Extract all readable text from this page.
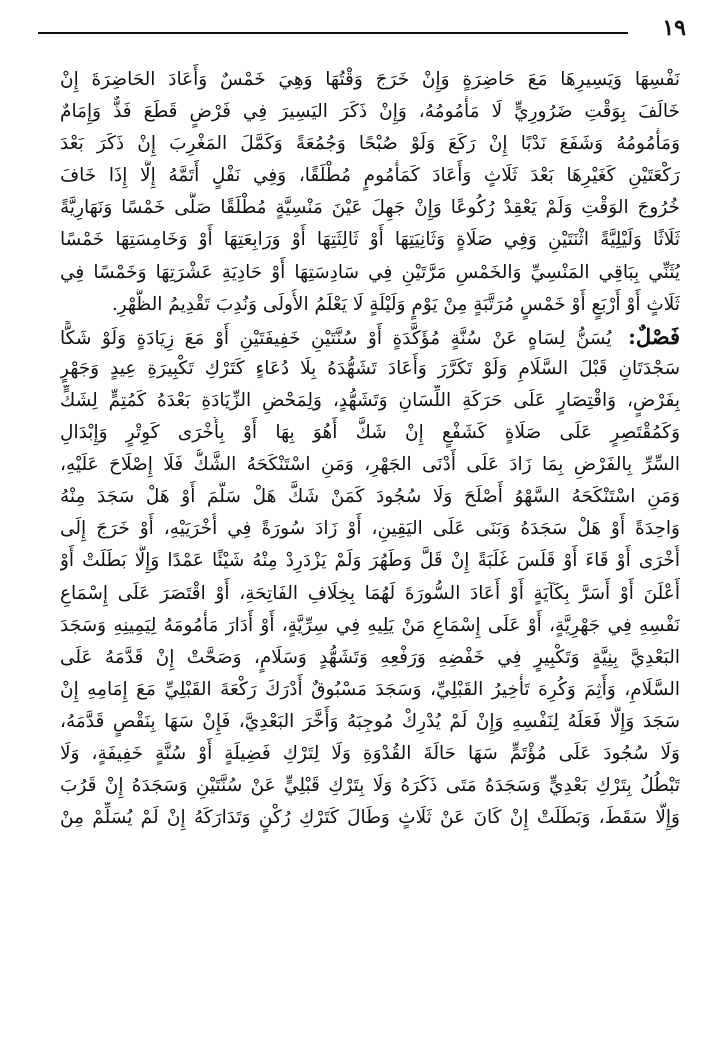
١٩
نَفْسِهَا وَيَسِيرِهَا مَعَ حَاضِرَةٍ وَإِنْ خَرَجَ وَقْتُهَا وَهِيَ خَمْسٌ وَأَعَادَ الحَاضِرَةَ إِنْ
خَالَفَ بِوَقْتِ ضَرُورِيٍّ لَا مَأْمُومُهُ، وَإِنْ ذَكَرَ اليَسِيرَ فِي فَرْضٍ قَطَعَ فَذٌّ وَإِمَامٌ
وَمَأْمُومُهُ وَشَفَعَ نَدْبًا إِنْ رَكَعَ وَلَوْ صُبْحًا وَجُمُعَةً وَكَمَّلَ المَغْرِبَ إِنْ ذَكَرَ بَعْدَ
رَكْعَتَيْنِ كَغَيْرِهَا بَعْدَ ثَلَاثٍ وَأَعَادَ كَمَأْمُومٍ مُطْلَقًا، وَفِي نَفْلٍ أَتَمَّهُ إِلَّا إِذَا خَافَ
خُرُوجَ الوَقْتِ وَلَمْ يَعْقِدْ رُكُوعًا وَإِنْ جَهِلَ عَيْنَ مَنْسِيَّةٍ مُطْلَقًا صَلَّى خَمْسًا وَنَهَارِيَّةً
ثَلَاثًا وَلَيْلِيَّةً اثْنَتَيْنِ وَفِي صَلَاةٍ وَثَانِيَتِهَا أَوْ ثَالِثَتِهَا أَوْ وَرَابِعَتِهَا أَوْ وَخَامِسَتِهَا خَمْسًا
يُثَنِّي بِبَاقِي المَنْسِيِّ وَالخَمْسِ مَرَّتَيْنِ فِي سَادِسَتِهَا أَوْ حَادِيَةِ عَشْرَتِهَا وَخَمْسًا فِي
ثَلَاثٍ أَوْ أَرْبَعٍ أَوْ خَمْسٍ مُرَتَّبَةٍ مِنْ يَوْمٍ وَلَيْلَةٍ لَا يَعْلَمُ الأُولَى وَنُدِبَ تَقْدِيمُ الظُّهْرِ.
فَصْلٌ: يُسَنُّ لِسَاهٍ عَنْ سُنَّةٍ مُؤَكَّدَةٍ أَوْ سُنَّتَيْنِ خَفِيفَتَيْنِ أَوْ مَعَ زِيَادَةٍ وَلَوْ شَكًّا
سَجْدَتَانِ قَبْلَ السَّلَامِ وَلَوْ تَكَرَّرَ وَأَعَادَ تَشَهُّدَهُ بِلَا دُعَاءٍ كَتَرْكِ تَكْبِيرَةِ عِيدٍ وَجَهْرٍ
بِفَرْضٍ، وَاقْتِصَارٍ عَلَى حَرَكَةِ اللِّسَانِ وَتَشَهُّدٍ، وَلِمَحْضِ الزِّيَادَةِ بَعْدَهُ كَمُتِمٍّ لِشَكٍّ
وَكَمُقْتَصِرٍ عَلَى صَلَاةٍ كَشَفْعٍ إِنْ شَكَّ أَهُوَ بِهَا أَوْ بِأُخْرَى كَوِتْرٍ وَإِبْدَالِ
السِّرِّ بِالفَرْضِ بِمَا زَادَ عَلَى أَدْنَى الجَهْرِ، وَمَنِ اسْتَنْكَحَهُ الشَّكُّ فَلَا إِصْلَاحَ عَلَيْهِ،
وَمَنِ اسْتَنْكَحَهُ السَّهْوُ أَصْلَحَ وَلَا سُجُودَ كَمَنْ شَكَّ هَلْ سَلَّمَ أَوْ هَلْ سَجَدَ مِنْهُ
وَاحِدَةً أَوْ هَلْ سَجَدَهُ وَبَنَى عَلَى اليَقِينِ، أَوْ زَادَ سُورَةً فِي أُخْرَيَيْهِ، أَوْ خَرَجَ إِلَى
أُخْرَى أَوْ قَاءَ أَوْ قَلَسَ غَلَبَةً إِنْ قَلَّ وَطَهُرَ وَلَمْ يَزْدَرِدْ مِنْهُ شَيْئًا عَمْدًا وَإِلَّا بَطَلَتْ أَوْ
أَعْلَنَ أَوْ أَسَرَّ بِكَآيَةٍ أَوْ أَعَادَ السُّورَةَ لَهُمَا بِخِلَافِ الفَاتِحَةِ، أَوْ اقْتَصَرَ عَلَى إِسْمَاعِ
نَفْسِهِ فِي جَهْرِيَّةٍ، أَوْ عَلَى إِسْمَاعِ مَنْ يَلِيهِ فِي سِرِّيَّةٍ، أَوْ أَدَارَ مَأْمُومَهُ لِيَمِينِهِ وَسَجَدَ
البَعْدِيَّ بِنِيَّةٍ وَتَكْبِيرٍ فِي خَفْضِهِ وَرَفْعِهِ وَتَشَهُّدٍ وَسَلَامٍ، وَصَحَّتْ إِنْ قَدَّمَهُ عَلَى
السَّلَامِ، وَأَثِمَ وَكُرِهَ تَأْخِيرُ القَبْلِيِّ، وَسَجَدَ مَسْبُوقٌ أَدْرَكَ رَكْعَةَ القَبْلِيِّ مَعَ إِمَامِهِ إِنْ
سَجَدَ وَإِلَّا فَعَلَهُ لِنَفْسِهِ وَإِنْ لَمْ يُدْرِكْ مُوجِبَهُ وَأَخَّرَ البَعْدِيَّ، فَإِنْ سَهَا بِنَقْصٍ قَدَّمَهُ،
وَلَا سُجُودَ عَلَى مُؤْتَمٍّ سَهَا حَالَةَ القُدْوَةِ وَلَا لِتَرْكِ فَضِيلَةٍ أَوْ سُنَّةٍ خَفِيفَةٍ، وَلَا
تَبْطُلُ بِتَرْكِ بَعْدِيٍّ وَسَجَدَهُ مَتَى ذَكَرَهُ وَلَا بِتَرْكِ قَبْلِيٍّ عَنْ سُنَّتَيْنِ وَسَجَدَهُ إِنْ قَرُبَ
وَإِلَّا سَقَطَ، وَبَطَلَتْ إِنْ كَانَ عَنْ ثَلَاثٍ وَطَالَ كَتَرْكِ رُكْنٍ وَتَدَارَكَهُ إِنْ لَمْ يُسَلِّمْ مِنْ
